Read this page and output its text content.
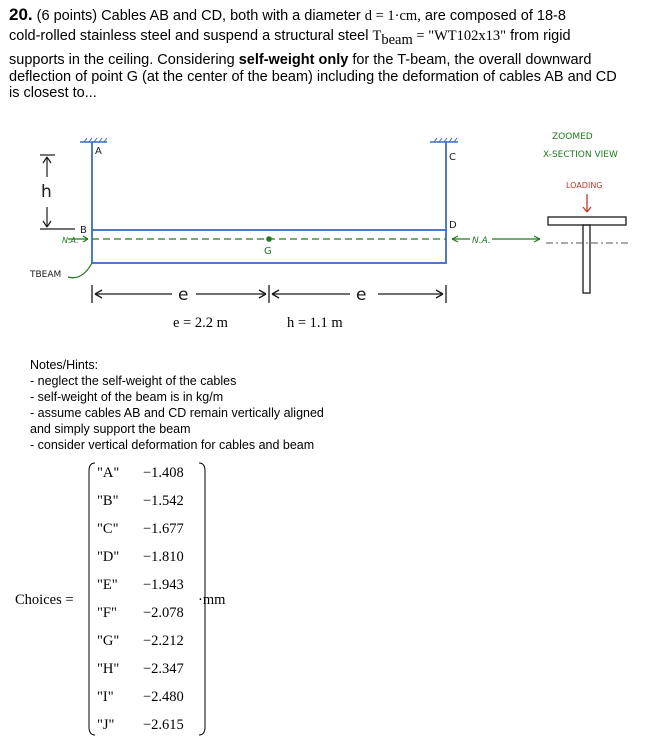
20. (6 points) Cables AB and CD, both with a diameter d = 1·cm, are composed of 18-8
cold-rolled stainless steel and suspend a structural steel Tbeam = "WT102x13" from rigid
supports in the ceiling. Considering self-weight only for the T-beam, the overall downward
deflection of point G (at the center of the beam) including the deformation of cables AB and CD
is closest to...
A
B
C
D
G
N.A.	N.A.
h
TBEAM
e	e
ZOOMED
X-SECTION VIEW
LOADING
e = 2.2 m	h = 1.1 m
Notes/Hints:
- neglect the self-weight of the cables
- self-weight of the beam is in kg/m
- assume cables AB and CD remain vertically aligned
and simply support the beam
- consider vertical deformation for cables and beam
Choices =
"A" −1.408
"B" −1.542
"C" −1.677
"D" −1.810
"E" −1.943
"F" −2.078
"G" −2.212
"H" −2.347
"I" −2.480
"J" −2.615
·mm
